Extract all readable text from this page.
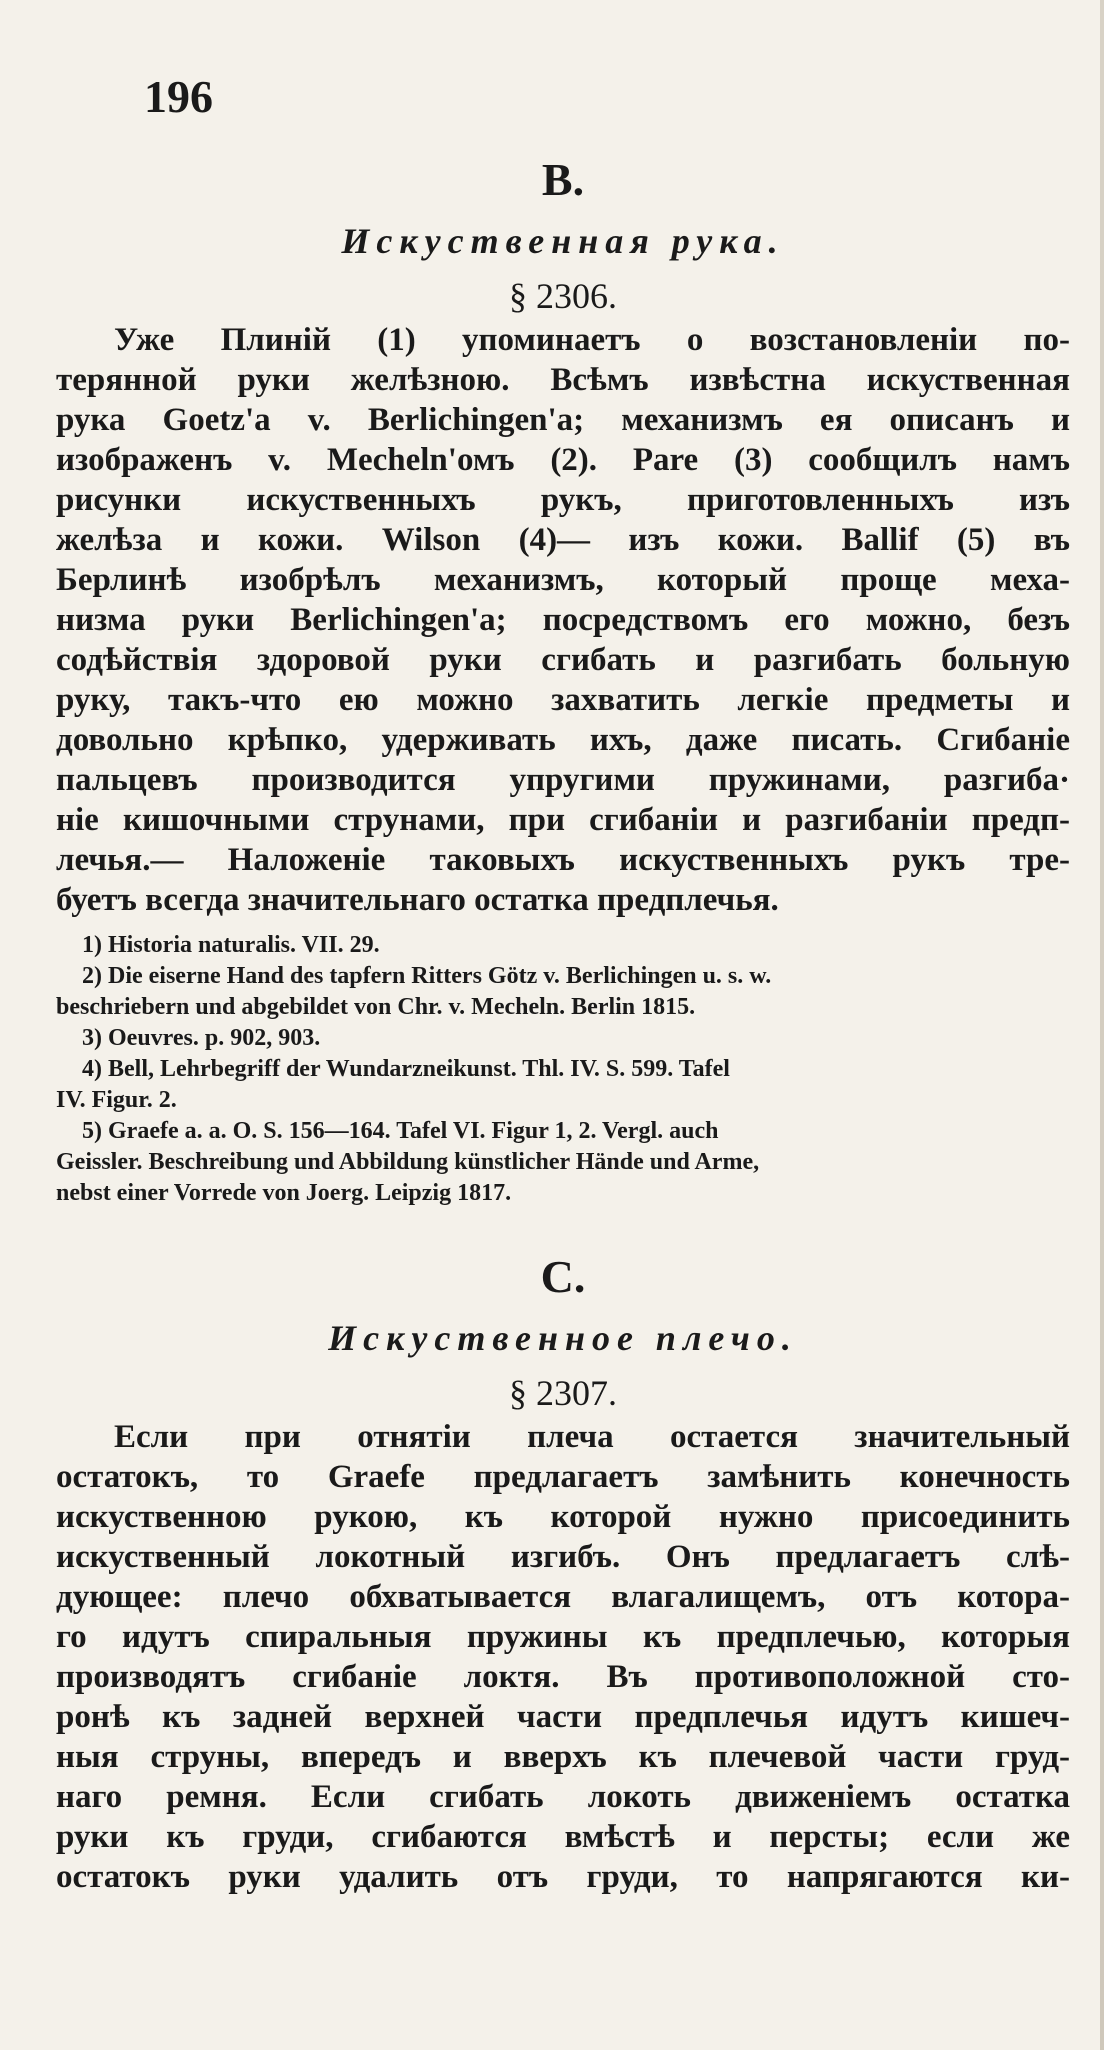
196
B.
Искуственная рука.
§ 2306.
Уже Плиній (1) упоминаетъ о возстановленіи по-
терянной руки желѣзною. Всѣмъ извѣстна искуственная
рука Goetz'a v. Berlichingen'a; механизмъ ея описанъ и
изображенъ v. Mecheln'омъ (2). Pare (3) сообщилъ намъ
рисунки искуственныхъ рукъ, приготовленныхъ изъ
желѣза и кожи. Wilson (4)— изъ кожи. Ballif (5) въ
Берлинѣ изобрѣлъ механизмъ, который проще меха-
низма руки Berlichingen'a; посредствомъ его можно, безъ
содѣйствія здоровой руки сгибать и разгибать больную
руку, такъ-что ею можно захватить легкіе предметы и
довольно крѣпко, удерживать ихъ, даже писать. Сгибаніе
пальцевъ производится упругими пружинами, разгиба·
ніе кишочными струнами, при сгибаніи и разгибаніи предп-
лечья.— Наложеніе таковыхъ искуственныхъ рукъ тре-
буетъ всегда значительнаго остатка предплечья.
1) Historia naturalis. VII. 29.
2) Die eiserne Hand des tapfern Ritters Götz v. Berlichingen u. s. w.
beschriebern und abgebildet von Chr. v. Mecheln. Berlin 1815.
3) Oeuvres. p. 902, 903.
4) Bell, Lehrbegriff der Wundarzneikunst. Thl. IV. S. 599. Tafel
IV. Figur. 2.
5) Graefe a. a. O. S. 156—164. Tafel VI. Figur 1, 2. Vergl. auch
Geissler. Beschreibung und Abbildung künstlicher Hände und Arme,
nebst einer Vorrede von Joerg. Leipzig 1817.
C.
Искуственное плечо.
§ 2307.
Если при отнятіи плеча остается значительный
остатокъ, то Graefe предлагаетъ замѣнить конечность
искуственною рукою, къ которой нужно присоединить
искуственный локотный изгибъ. Онъ предлагаетъ слѣ-
дующее: плечо обхватывается влагалищемъ, отъ которa-
го идутъ спиральныя пружины къ предплечью, которыя
производятъ сгибаніе локтя. Въ противоположной сто-
ронѣ къ задней верхней части предплечья идутъ кишеч-
ныя струны, впередъ и вверхъ къ плечевой части груд-
наго ремня. Если сгибать локоть движеніемъ остатка
руки къ груди, сгибаются вмѣстѣ и персты; если же
остатокъ руки удалить отъ груди, то напрягаются ки-
